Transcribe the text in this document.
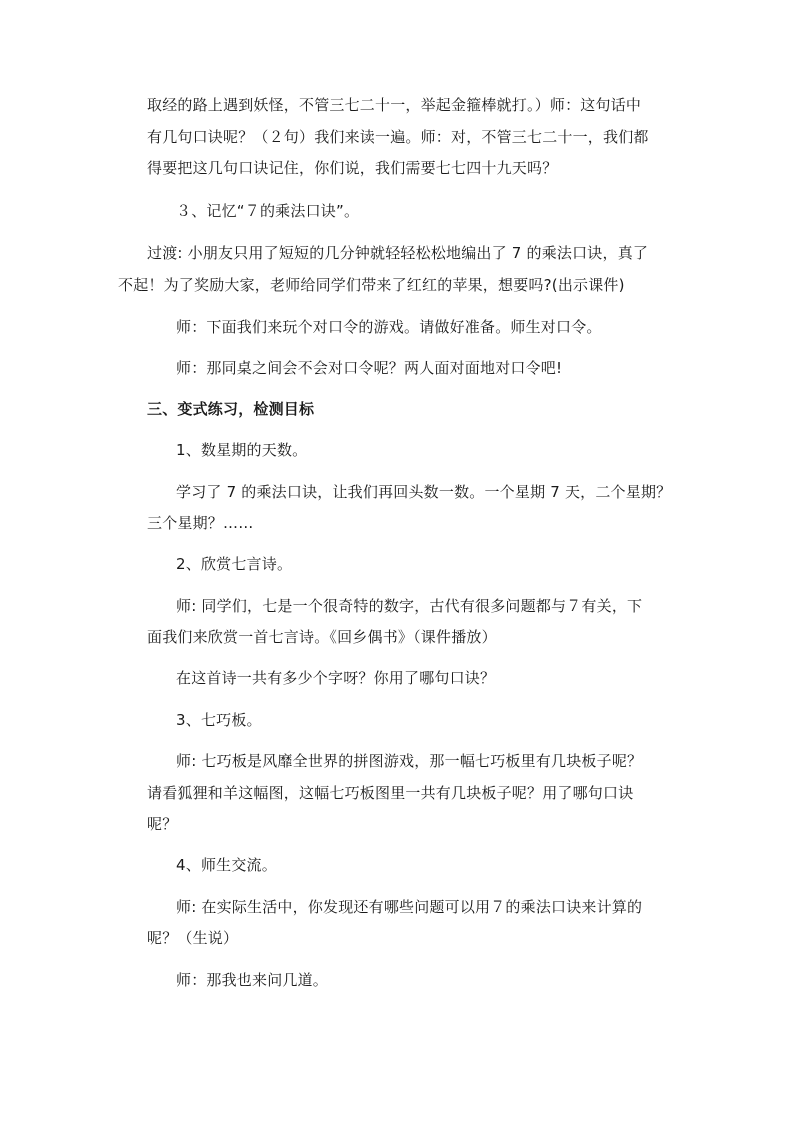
取经的路上遇到妖怪，不管三七二十一，举起金箍棒就打。）师：这句话中
有几句口诀呢？（２句）我们来读一遍。师：对，不管三七二十一，我们都
得要把这几句口诀记住，你们说，我们需要七七四十九天吗？
３、记忆“７的乘法口诀”。
过渡: 小朋友只用了短短的几分钟就轻轻松松地编出了 7 的乘法口诀，真了
不起！为了奖励大家，老师给同学们带来了红红的苹果，想要吗?(出示课件)
师：下面我们来玩个对口令的游戏。请做好准备。师生对口令。
师：那同桌之间会不会对口令呢？两人面对面地对口令吧!
三、变式练习，检测目标
1、数星期的天数。
学习了 7 的乘法口诀，让我们再回头数一数。一个星期 7 天，二个星期？
三个星期？……
2、欣赏七言诗。
师: 同学们，七是一个很奇特的数字，古代有很多问题都与７有关，下
面我们来欣赏一首七言诗。《回乡偶书》（课件播放）
在这首诗一共有多少个字呀？你用了哪句口诀？
3、七巧板。
师: 七巧板是风靡全世界的拼图游戏，那一幅七巧板里有几块板子呢？
请看狐狸和羊这幅图，这幅七巧板图里一共有几块板子呢？用了哪句口诀
呢？
4、师生交流。
师: 在实际生活中，你发现还有哪些问题可以用７的乘法口诀来计算的
呢？（生说）
师：那我也来问几道。
